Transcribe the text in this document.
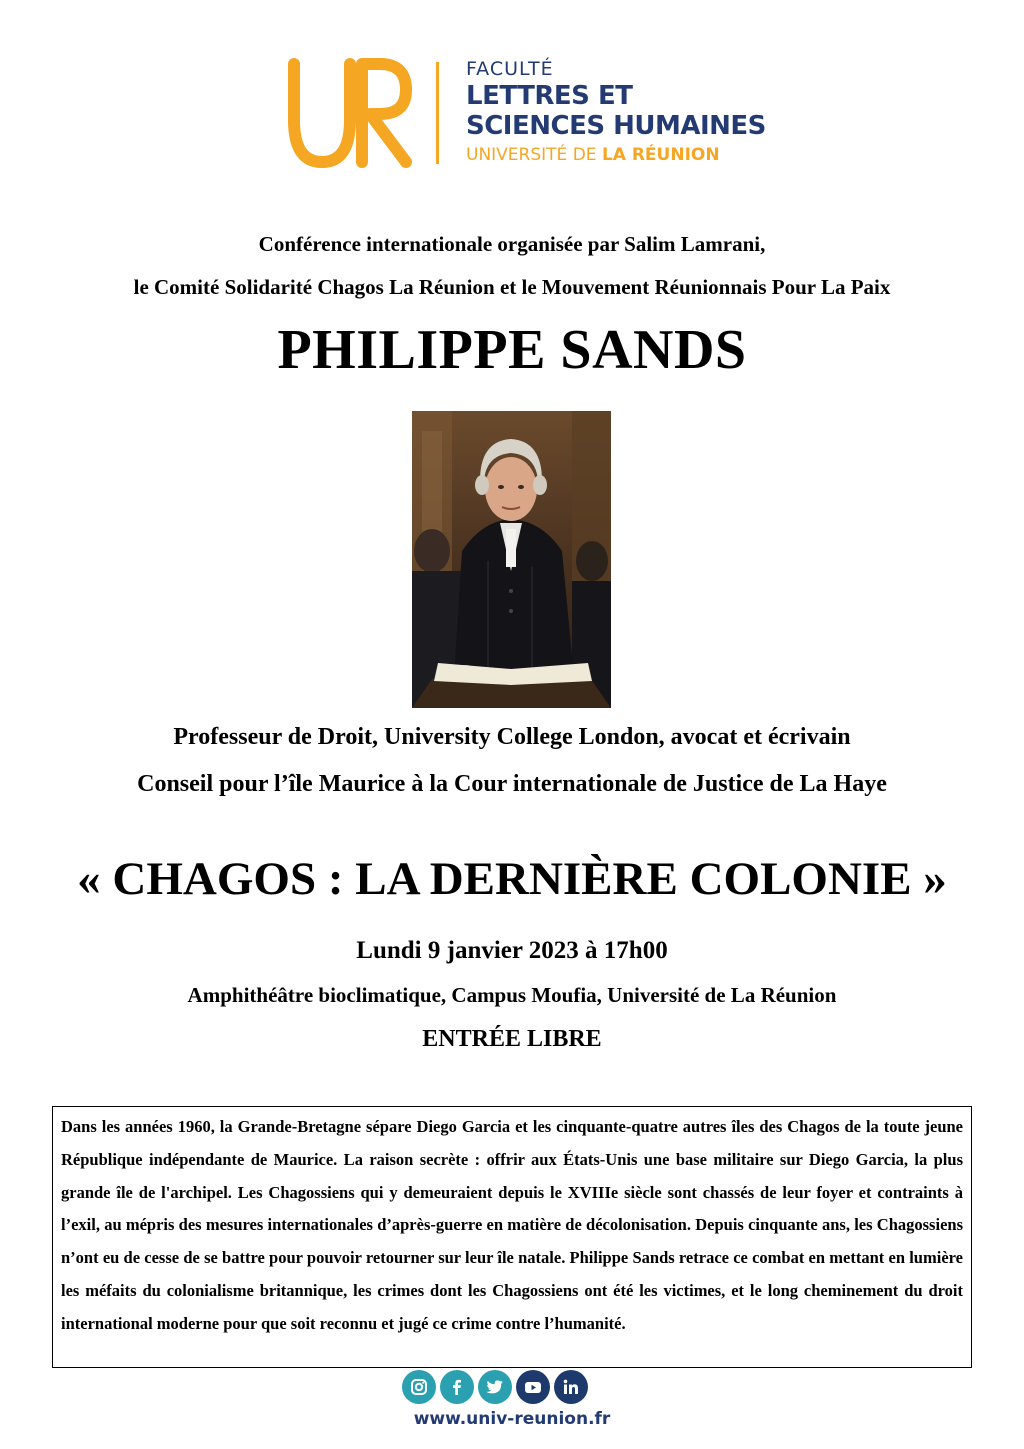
FACULTÉ
LETTRES ET
SCIENCES HUMAINES
UNIVERSITÉ DE LA RÉUNION
Conférence internationale organisée par Salim Lamrani,
le Comité Solidarité Chagos La Réunion et le Mouvement Réunionnais Pour La Paix
PHILIPPE SANDS
Professeur de Droit, University College London, avocat et écrivain
Conseil pour l’île Maurice à la Cour internationale de Justice de La Haye
« CHAGOS : LA DERNIÈRE COLONIE »
Lundi 9 janvier 2023 à 17h00
Amphithéâtre bioclimatique, Campus Moufia, Université de La Réunion
ENTRÉE LIBRE
Dans les années 1960, la Grande-Bretagne sépare Diego Garcia et les cinquante-quatre autres îles des Chagos de la toute jeune République indépendante de Maurice. La raison secrète : offrir aux États-Unis une base militaire sur Diego Garcia, la plus grande île de l'archipel. Les Chagossiens qui y demeuraient depuis le XVIIIe siècle sont chassés de leur foyer et contraints à l’exil, au mépris des mesures internationales d’après-guerre en matière de décolonisation. Depuis cinquante ans, les Chagossiens n’ont eu de cesse de se battre pour pouvoir retourner sur leur île natale. Philippe Sands retrace ce combat en mettant en lumière les méfaits du colonialisme britannique, les crimes dont les Chagossiens ont été les victimes, et le long cheminement du droit international moderne pour que soit reconnu et jugé ce crime contre l’humanité.
www.univ-reunion.fr
